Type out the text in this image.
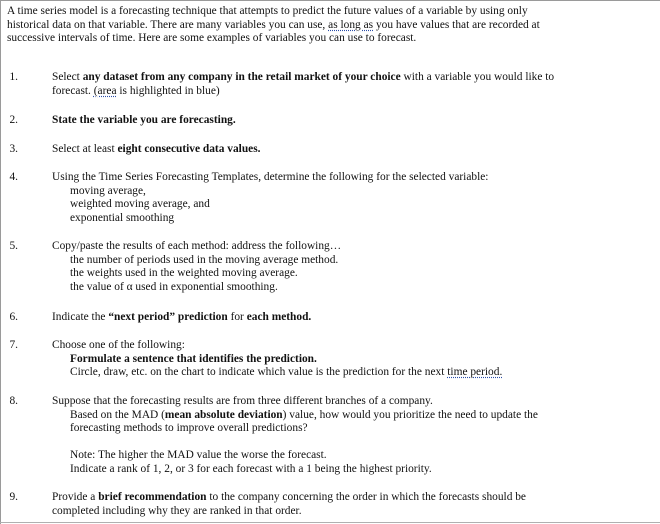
A time series model is a forecasting technique that attempts to predict the future values of a variable by using only
historical data on that variable. There are many variables you can use, as long as you have values that are recorded at
successive intervals of time. Here are some examples of variables you can use to forecast.
1.	Select any dataset from any company in the retail market of your choice with a variable you would like to
forecast. (area is highlighted in blue)
2.	State the variable you are forecasting.
3.	Select at least eight consecutive data values.
4.	Using the Time Series Forecasting Templates, determine the following for the selected variable:
moving average,
weighted moving average, and
exponential smoothing
5.	Copy/paste the results of each method: address the following…
the number of periods used in the moving average method.
the weights used in the weighted moving average.
the value of α used in exponential smoothing.
6.	Indicate the “next period” prediction for each method.
7.	Choose one of the following:
Formulate a sentence that identifies the prediction.
Circle, draw, etc. on the chart to indicate which value is the prediction for the next time period.
8.	Suppose that the forecasting results are from three different branches of a company.
Based on the MAD (mean absolute deviation) value, how would you prioritize the need to update the
forecasting methods to improve overall predictions?
Note: The higher the MAD value the worse the forecast.
Indicate a rank of 1, 2, or 3 for each forecast with a 1 being the highest priority.
9.	Provide a brief recommendation to the company concerning the order in which the forecasts should be
completed including why they are ranked in that order.
